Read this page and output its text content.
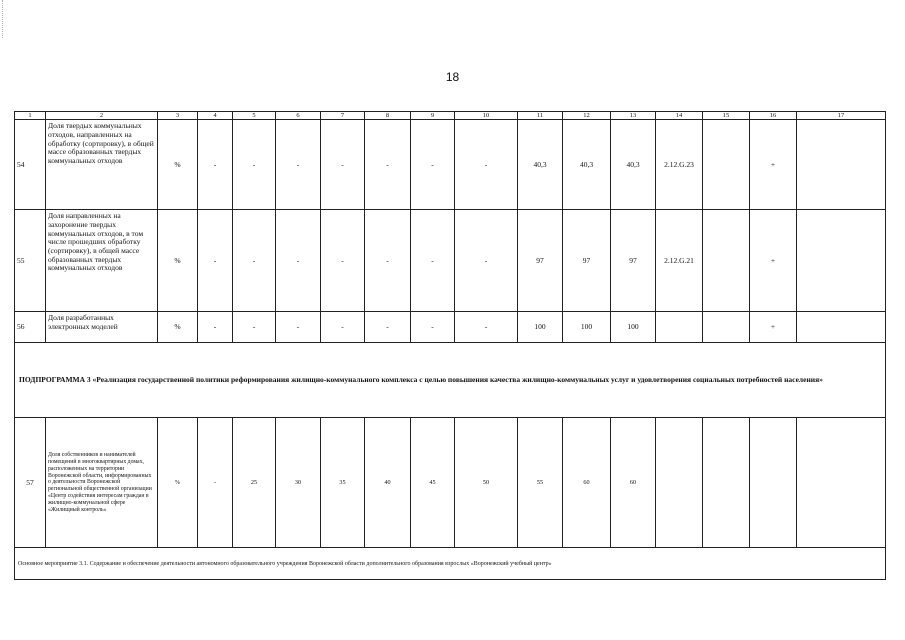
18
1	2	3	4	5	6	7	8	9	10	11	12	13	14	15	16	17
54	Доля твердых коммунальных отходов, направленных на обработку (сортировку), в общей массе образованных твердых коммунальных отходов	%	-	-	-	-	-	-	-	40,3	40,3	40,3	2.12.G.23		+	
55	Доля направленных на захоронение твердых коммунальных отходов, в том числе прошедших обработку (сортировку), в общей массе образованных твердых коммунальных отходов	%	-	-	-	-	-	-	-	97	97	97	2.12.G.21		+	
56	Доля разработанных электронных моделей	%	-	-	-	-	-	-	-	100	100	100			+	
ПОДПРОГРАММА 3 «Реализация государственной политики реформирования жилищно-коммунального комплекса с целью повышения качества жилищно-коммунальных услуг и удовлетворения социальных потребностей населения»																
57	Доля собственников и нанимателей помещений в многоквартирных домах, расположенных на территории Воронежской области, информированных о деятельности Воронежской региональной общественной организации «Центр содействия интересам граждан в жилищно-коммунальной сфере «Жилищный контроль»	%	-	25	30	35	40	45	50	55	60	60				
Основное мероприятие 3.1. Содержание и обеспечение деятельности автономного образовательного учреждения Воронежской области дополнительного образования взрослых «Воронежский учебный центр»																
